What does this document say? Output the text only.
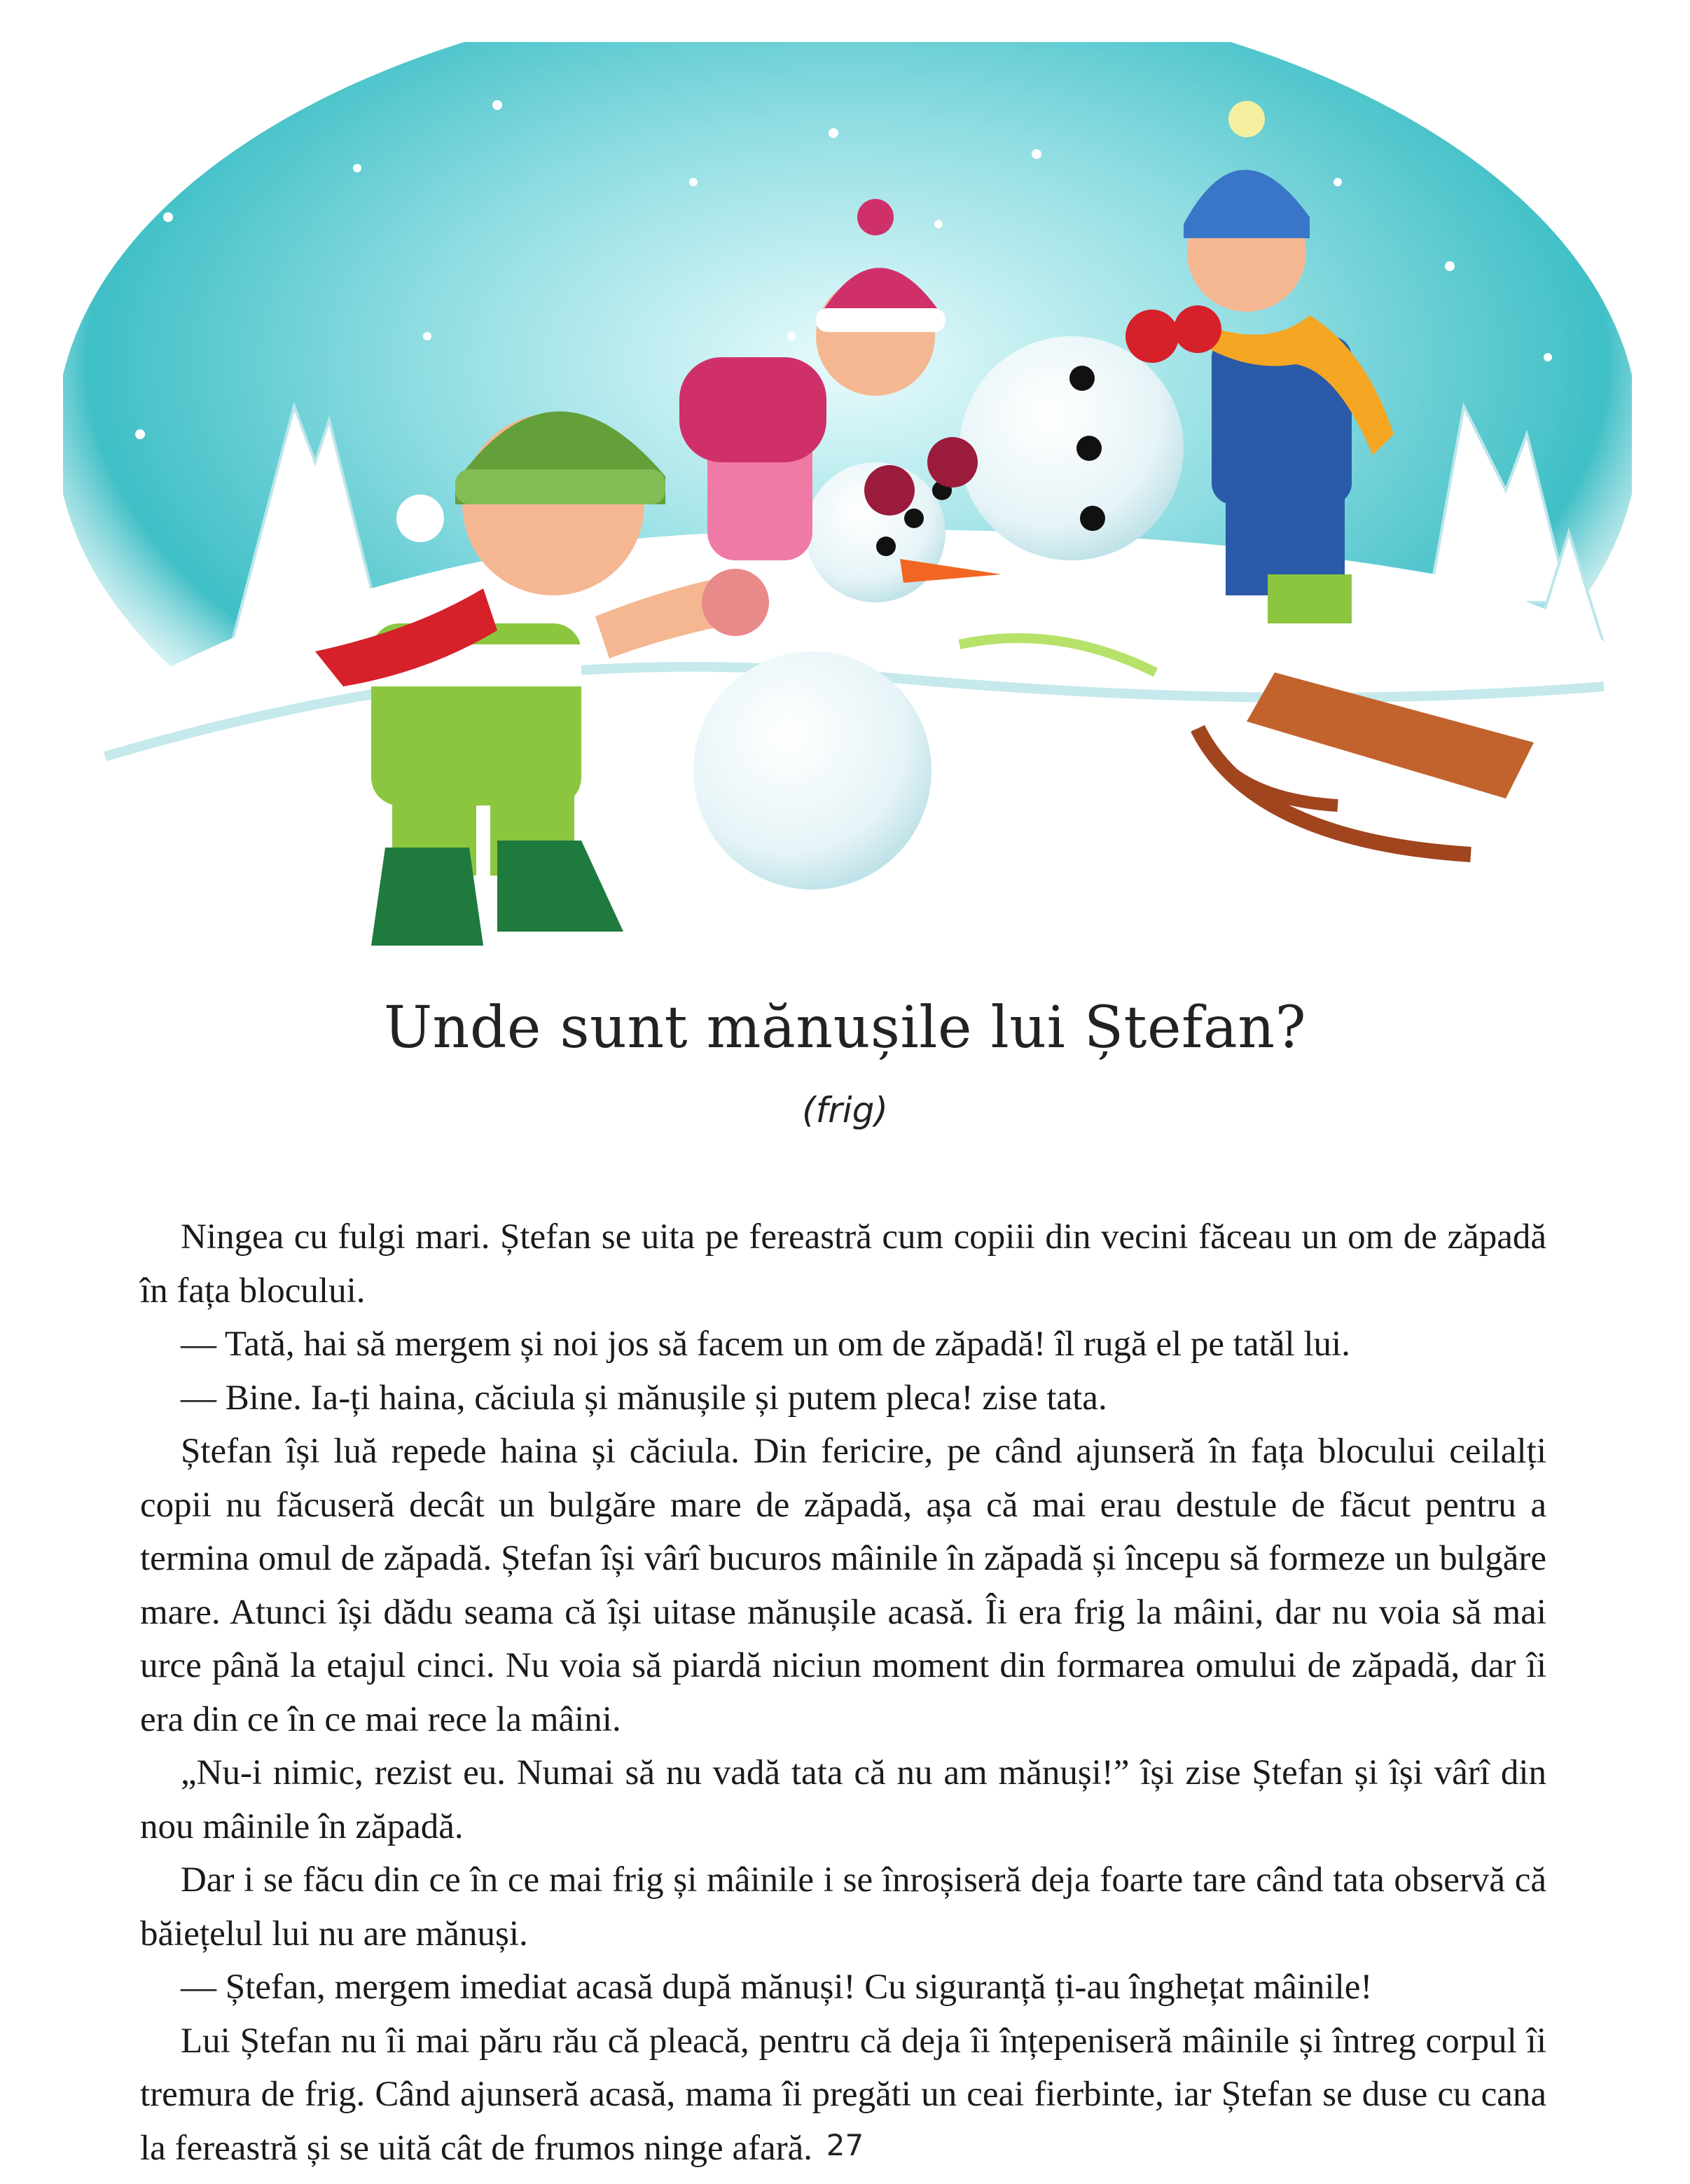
Unde sunt mănușile lui Ștefan?
(frig)

Ningea cu fulgi mari. Ștefan se uita pe fereastră cum copiii din vecini făceau un om de zăpadă în fața blocului.

— Tată, hai să mergem și noi jos să facem un om de zăpadă! îl rugă el pe tatăl lui.

— Bine. Ia-ți haina, căciula și mănușile și putem pleca! zise tata.

Ștefan își luă repede haina și căciula. Din fericire, pe când ajunseră în fața blocului ceilalți copii nu făcuseră decât un bulgăre mare de zăpadă, așa că mai erau destule de făcut pentru a termina omul de zăpadă. Ștefan își vârî bucuros mâinile în zăpadă și începu să formeze un bulgăre mare. Atunci își dădu seama că își uitase mănușile acasă. Îi era frig la mâini, dar nu voia să mai urce până la etajul cinci. Nu voia să piardă niciun moment din formarea omului de zăpadă, dar îi era din ce în ce mai rece la mâini.

„Nu-i nimic, rezist eu. Numai să nu vadă tata că nu am mănuși!” își zise Ștefan și își vârî din nou mâinile în zăpadă.

Dar i se făcu din ce în ce mai frig și mâinile i se înroșiseră deja foarte tare când tata observă că băiețelul lui nu are mănuși.

— Ștefan, mergem imediat acasă după mănuși! Cu siguranță ți-au înghețat mâinile!

Lui Ștefan nu îi mai păru rău că pleacă, pentru că deja îi înțepeniseră mâinile și întreg corpul îi tremura de frig. Când ajunseră acasă, mama îi pregăti un ceai fierbinte, iar Ștefan se duse cu cana la fereastră și se uită cât de frumos ninge afară. 27
